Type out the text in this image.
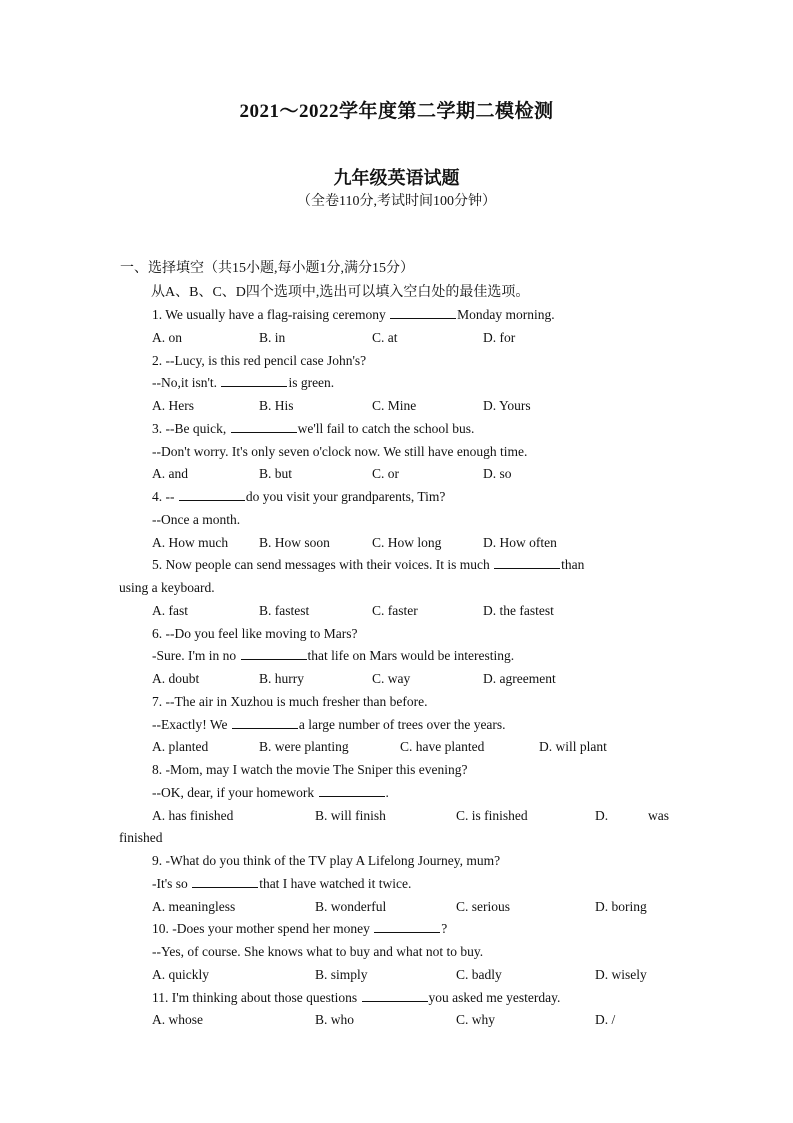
2021～2022学年度第二学期二模检测
九年级英语试题
（全卷110分,考试时间100分钟）
一、选择填空（共15小题,每小题1分,满分15分）
从A、B、C、D四个选项中,选出可以填入空白处的最佳选项。
1. We usually have a flag-raising ceremony	Monday morning.
A. on	B. in	C. at	D. for
2. --Lucy, is this red pencil case John's?
--No,it isn't.	is green.
A. Hers	B. His	C. Mine	D. Yours
3. --Be quick,	we'll fail to catch the school bus.
--Don't worry. It's only seven o'clock now. We still have enough time.
A. and	B. but	C. or	D. so
4. --	do you visit your grandparents, Tim?
--Once a month.
A. How much B. How soon	C. How long	D. How often
5. Now people can send messages with their voices. It is much	than
using a keyboard.
A. fast	B. fastest	C. faster	D. the fastest
6. --Do you feel like moving to Mars?
-Sure. I'm in no	that life on Mars would be interesting.
A. doubt	B. hurry	C. way	D. agreement
7. --The air in Xuzhou is much fresher than before.
--Exactly! We	a large number of trees over the years.
A. planted	B. were planting	C. have planted	D. will plant
8. -Mom, may I watch the movie The Sniper this evening?
--OK, dear, if your homework	.
A. has finished	B. will finish	C. is finished	D.	was
finished
9. -What do you think of the TV play A Lifelong Journey, mum?
-It's so	that I have watched it twice.
A. meaningless	B. wonderful	C. serious	D. boring
10. -Does your mother spend her money	?
--Yes, of course. She knows what to buy and what not to buy.
A. quickly	B. simply	C. badly	D. wisely
11. I'm thinking about those questions	you asked me yesterday.
A. whose	B. who	C. why	D. /
